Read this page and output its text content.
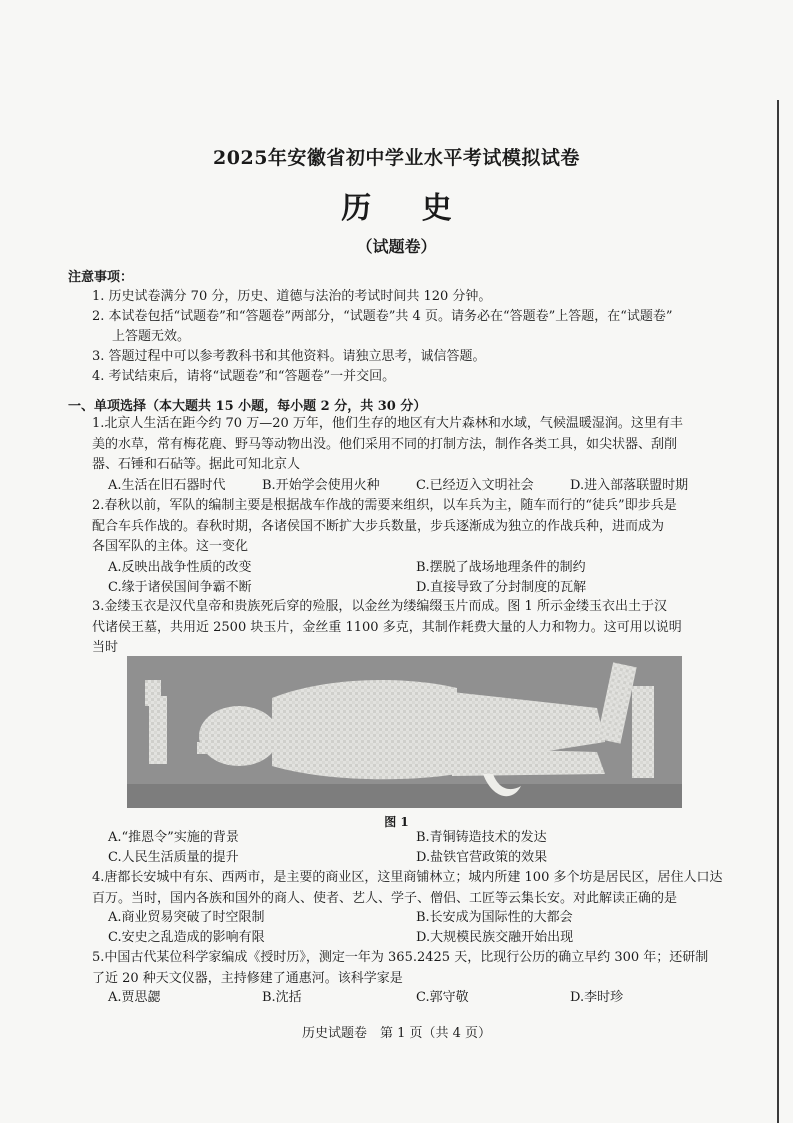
2025年安徽省初中学业水平考试模拟试卷
历 史
（试题卷）
注意事项：
1. 历史试卷满分 70 分，历史、道德与法治的考试时间共 120 分钟。
2. 本试卷包括“试题卷”和“答题卷”两部分，“试题卷”共 4 页。请务必在“答题卷”上答题，在“试题卷”
上答题无效。
3. 答题过程中可以参考教科书和其他资料。请独立思考，诚信答题。
4. 考试结束后，请将“试题卷”和“答题卷”一并交回。
一、单项选择（本大题共 15 小题，每小题 2 分，共 30 分）
1.北京人生活在距今约 70 万—20 万年，他们生存的地区有大片森林和水域，气候温暖湿润。这里有丰
美的水草，常有梅花鹿、野马等动物出没。他们采用不同的打制方法，制作各类工具，如尖状器、刮削
器、石锤和石砧等。据此可知北京人
A.生活在旧石器时代	B.开始学会使用火种	C.已经迈入文明社会	D.进入部落联盟时期
2.春秋以前，军队的编制主要是根据战车作战的需要来组织，以车兵为主，随车而行的“徒兵”即步兵是
配合车兵作战的。春秋时期，各诸侯国不断扩大步兵数量，步兵逐渐成为独立的作战兵种，进而成为
各国军队的主体。这一变化
A.反映出战争性质的改变	B.摆脱了战场地理条件的制约
C.缘于诸侯国间争霸不断	D.直接导致了分封制度的瓦解
3.金缕玉衣是汉代皇帝和贵族死后穿的殓服，以金丝为缕编缀玉片而成。图 1 所示金缕玉衣出土于汉
代诸侯王墓，共用近 2500 块玉片，金丝重 1100 多克，其制作耗费大量的人力和物力。这可用以说明
当时
图 1
A.“推恩令”实施的背景	B.青铜铸造技术的发达
C.人民生活质量的提升	D.盐铁官营政策的效果
4.唐都长安城中有东、西两市，是主要的商业区，这里商铺林立；城内所建 100 多个坊是居民区，居住人口达
百万。当时，国内各族和国外的商人、使者、艺人、学子、僧侣、工匠等云集长安。对此解读正确的是
A.商业贸易突破了时空限制	B.长安成为国际性的大都会
C.安史之乱造成的影响有限	D.大规模民族交融开始出现
5.中国古代某位科学家编成《授时历》，测定一年为 365.2425 天，比现行公历的确立早约 300 年；还研制
了近 20 种天文仪器，主持修建了通惠河。该科学家是
A.贾思勰	B.沈括	C.郭守敬	D.李时珍
历史试题卷　第 1 页（共 4 页）
